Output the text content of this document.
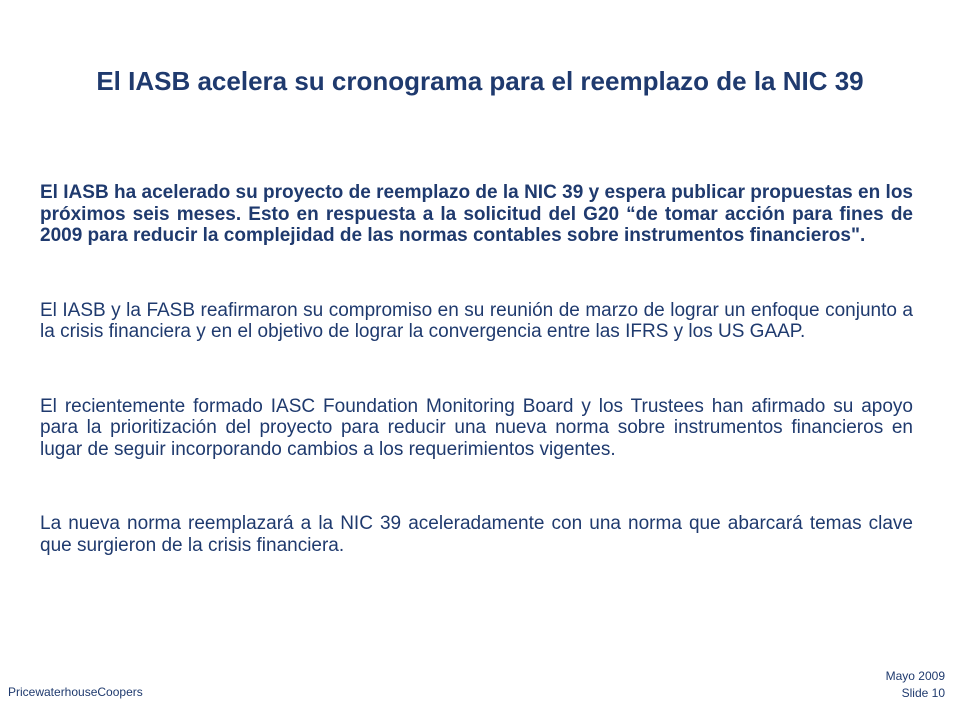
El IASB acelera su cronograma para el reemplazo de la NIC 39

El IASB ha acelerado su proyecto de reemplazo de la NIC 39 y espera publicar propuestas en los próximos seis meses. Esto en respuesta a la solicitud del G20 “de tomar acción para fines de 2009 para reducir la complejidad de las normas contables sobre instrumentos financieros".

El IASB y la FASB reafirmaron su compromiso en su reunión de marzo de lograr un enfoque conjunto a la crisis financiera y en el objetivo de lograr la convergencia entre las IFRS y los US GAAP.

El recientemente formado IASC Foundation Monitoring Board y los Trustees han afirmado su apoyo para la prioritización del proyecto para reducir una nueva norma sobre instrumentos financieros en lugar de seguir incorporando cambios a los requerimientos vigentes.

La nueva norma reemplazará a la NIC 39 aceleradamente con una norma que abarcará temas clave que surgieron de la crisis financiera.

PricewaterhouseCoopers
Mayo 2009
Slide 10
